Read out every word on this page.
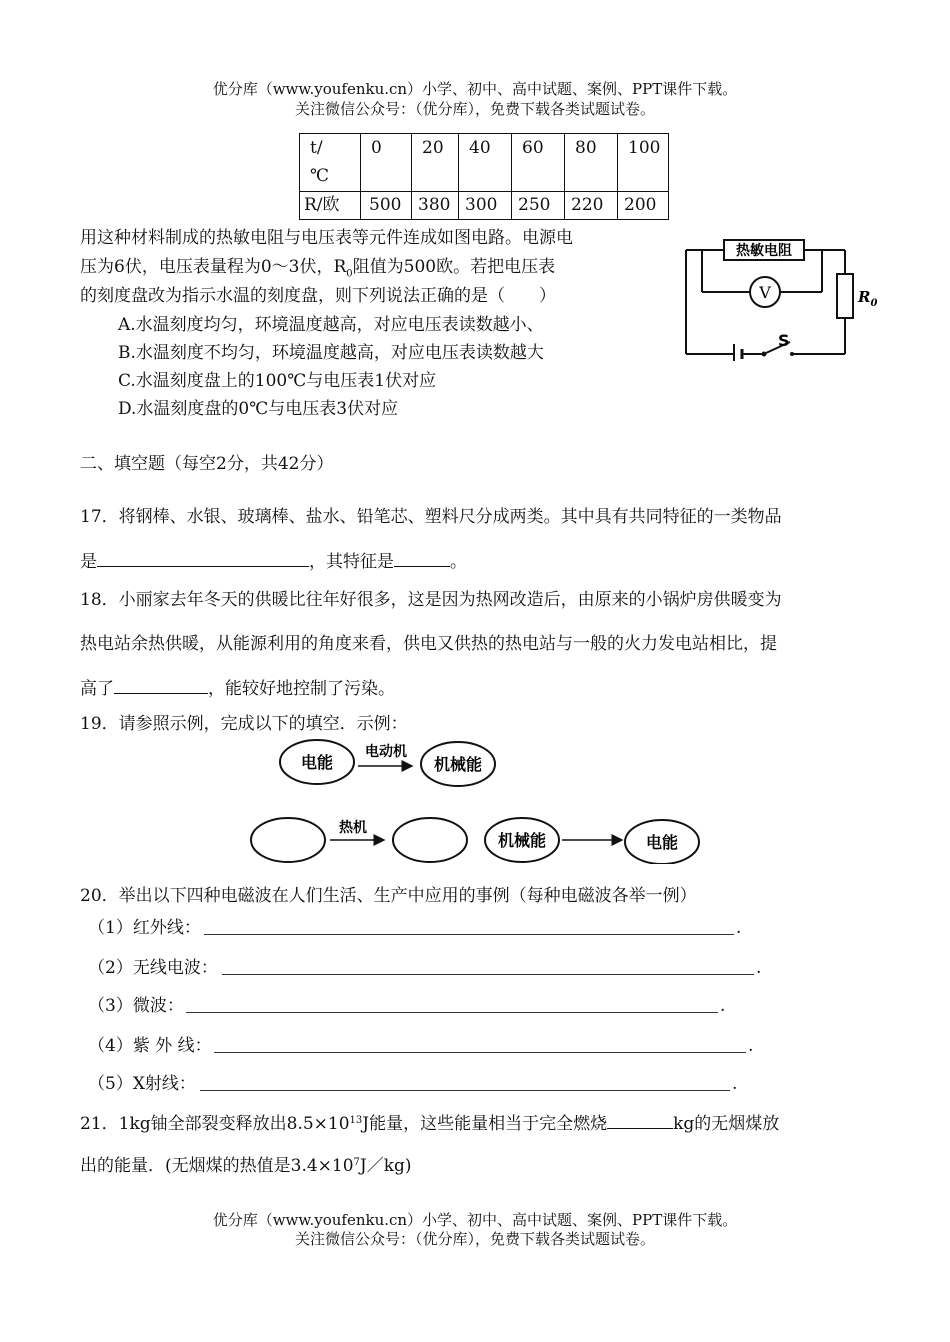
优分库（www.youfenku.cn）小学、初中、高中试题、案例、PPT课件下载。
关注微信公众号：（优分库），免费下载各类试题试卷。
t/
℃	0	20	40	60	80	100
R/欧	500	380	300	250	220	200
用这种材料制成的热敏电阻与电压表等元件连成如图电路。电源电
压为6伏，电压表量程为0～3伏，$R_0$阻值为500欧。若把电压表
的刻度盘改为指示水温的刻度盘，则下列说法正确的是（　　）
A.水温刻度均匀，环境温度越高，对应电压表读数越小、
B.水温刻度不均匀，环境温度越高，对应电压表读数越大
C.水温刻度盘上的100℃与电压表1伏对应
D.水温刻度盘的0℃与电压表3伏对应
热敏电阻
V	$R_0$
S
二、填空题（每空2分，共42分）
17．将钢棒、水银、玻璃棒、盐水、铅笔芯、塑料尺分成两类。其中具有共同特征的一类物品
是	，其特征是	。
18．小丽家去年冬天的供暖比往年好很多，这是因为热网改造后，由原来的小锅炉房供暖变为
热电站余热供暖，从能源利用的角度来看，供电又供热的热电站与一般的火力发电站相比，提
高了	，能较好地控制了污染。
19．请参照示例，完成以下的填空．示例：
电能
电动机
机械能
热机
机械能	电能
20．举出以下四种电磁波在人们生活、生产中应用的事例（每种电磁波各举一例）
（1）红外线：	.
（2）无线电波：	.
（3）微波：	.
（4）紫 外 线：	.
（5）X射线：	.
21．1kg铀全部裂变释放出$8.5\times 10^{13}J$能量，这些能量相当于完全燃烧	kg的无烟煤放
出的能量．(无烟煤的热值是$3.4\times 10^7J/kg$)
优分库（www.youfenku.cn）小学、初中、高中试题、案例、PPT课件下载。
关注微信公众号：（优分库），免费下载各类试题试卷。
